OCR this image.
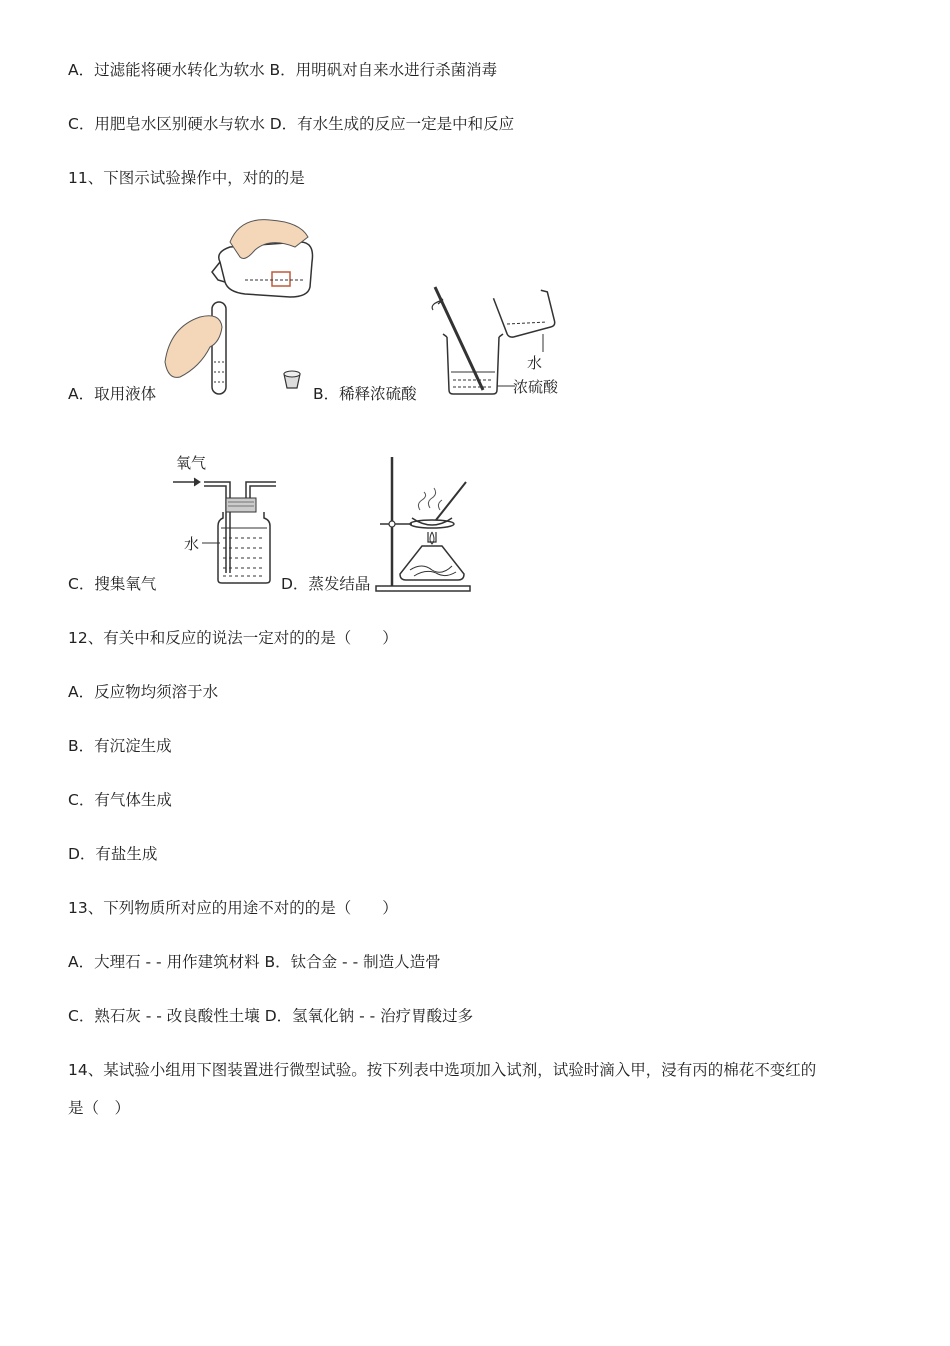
A．过滤能将硬水转化为软水 B．用明矾对自来水进行杀菌消毒
C．用肥皂水区别硬水与软水 D．有水生成的反应一定是中和反应
11、下图示试验操作中，对的的是
A．取用液体	B．稀释浓硫酸
水
浓硫酸
C．搜集氧气
氧气
水
D．蒸发结晶
12、有关中和反应的说法一定对的的是（　　）
A．反应物均须溶于水
B．有沉淀生成
C．有气体生成
D．有盐生成
13、下列物质所对应的用途不对的的是（　　）
A．大理石 - - 用作建筑材料 B．钛合金 - - 制造人造骨
C．熟石灰 - - 改良酸性土壤 D．氢氧化钠 - - 治疗胃酸过多
14、某试验小组用下图装置进行微型试验。按下列表中选项加入试剂，试验时滴入甲，浸有丙的棉花不变红的
是（　）
